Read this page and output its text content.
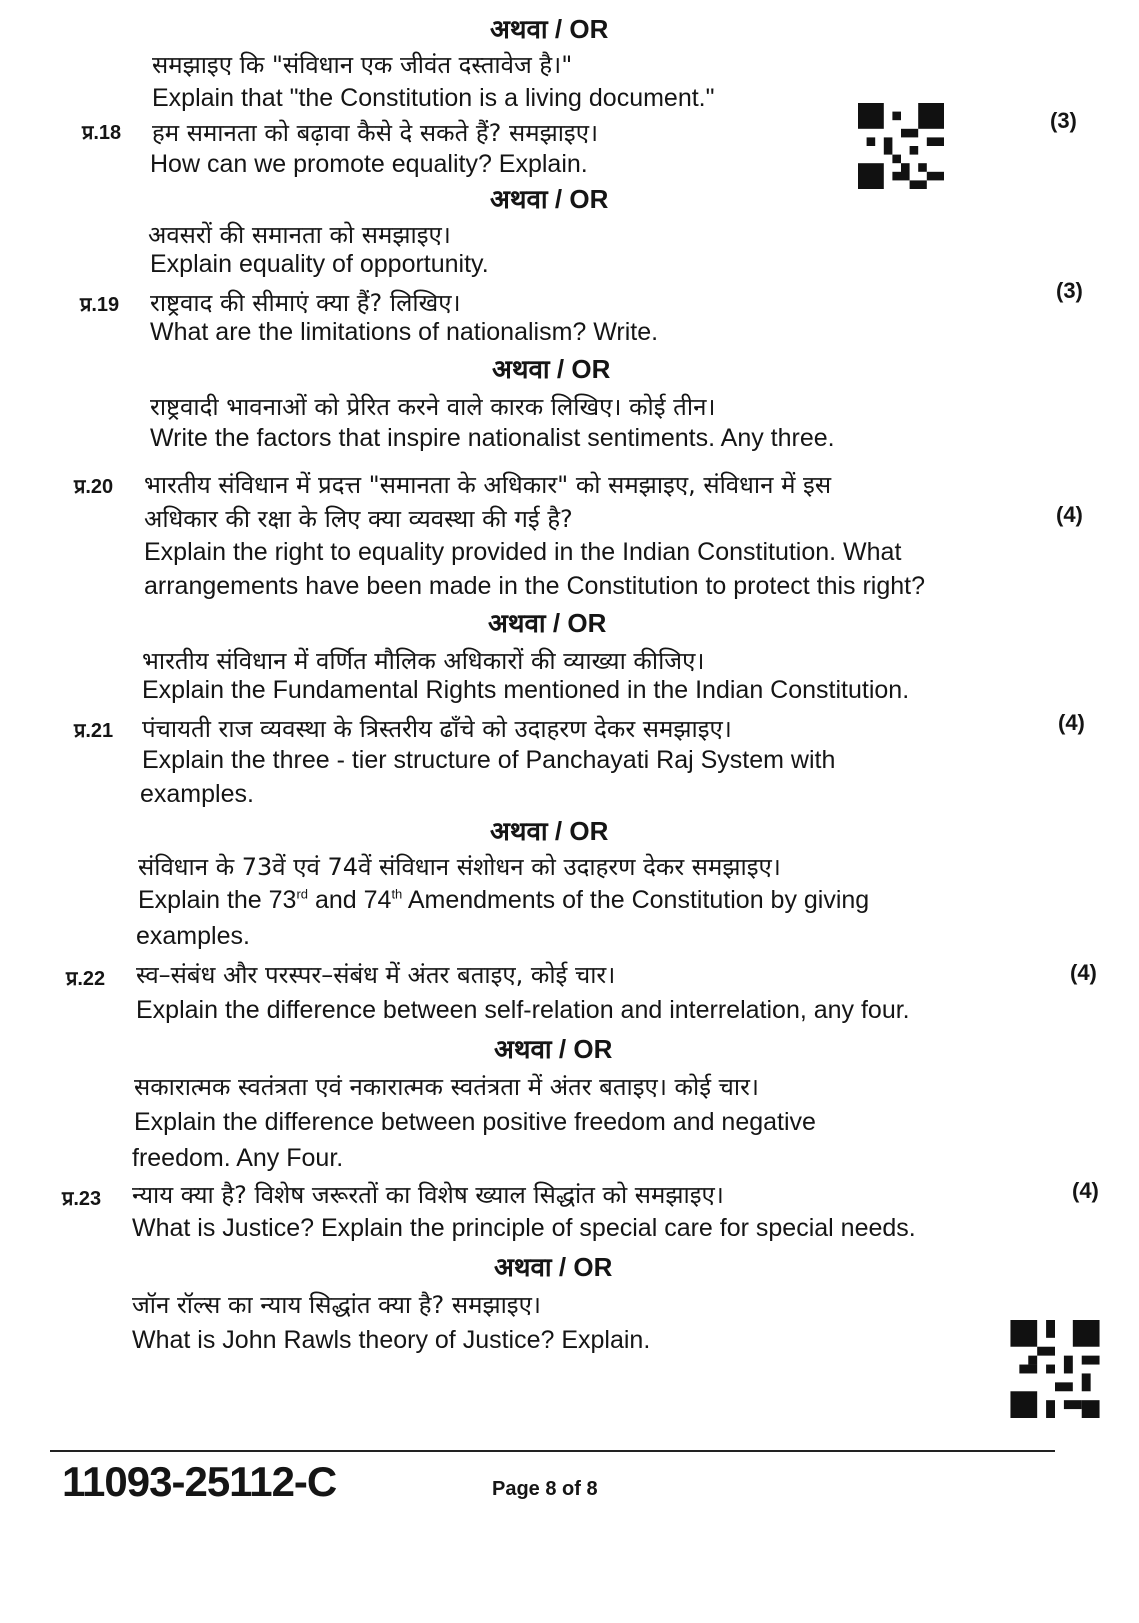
अथवा / OR
समझाइए कि "संविधान एक जीवंत दस्तावेज है।"
Explain that "the Constitution is a living document."
प्र.18 हम समानता को बढ़ावा कैसे दे सकते हैं? समझाइए।	(3)
How can we promote equality? Explain.
अथवा / OR
अवसरों की समानता को समझाइए।
Explain equality of opportunity.
प्र.19 राष्ट्रवाद की सीमाएं क्या हैं? लिखिए।	(3)
What are the limitations of nationalism? Write.
अथवा / OR
राष्ट्रवादी भावनाओं को प्रेरित करने वाले कारक लिखिए। कोई तीन।
Write the factors that inspire nationalist sentiments. Any three.
प्र.20 भारतीय संविधान में प्रदत्त "समानता के अधिकार" को समझाइए, संविधान में इस
अधिकार की रक्षा के लिए क्या व्यवस्था की गई है?	(4)
Explain the right to equality provided in the Indian Constitution. What
arrangements have been made in the Constitution to protect this right?
अथवा / OR
भारतीय संविधान में वर्णित मौलिक अधिकारों की व्याख्या कीजिए।
Explain the Fundamental Rights mentioned in the Indian Constitution.
प्र.21 पंचायती राज व्यवस्था के त्रिस्तरीय ढाँचे को उदाहरण देकर समझाइए।	(4)
Explain the three - tier structure of Panchayati Raj System with
examples.
अथवा / OR
संविधान के 73वें एवं 74वें संविधान संशोधन को उदाहरण देकर समझाइए।
Explain the 73rd and 74th Amendments of the Constitution by giving
examples.
प्र.22 स्व–संबंध और परस्पर–संबंध में अंतर बताइए, कोई चार।	(4)
Explain the difference between self-relation and interrelation, any four.
अथवा / OR
सकारात्मक स्वतंत्रता एवं नकारात्मक स्वतंत्रता में अंतर बताइए। कोई चार।
Explain the difference between positive freedom and negative
freedom. Any Four.
प्र.23 न्याय क्या है? विशेष जरूरतों का विशेष ख्याल सिद्धांत को समझाइए।	(4)
What is Justice? Explain the principle of special care for special needs.
अथवा / OR
जॉन रॉल्स का न्याय सिद्धांत क्या है? समझाइए।
What is John Rawls theory of Justice? Explain.
11093-25112-C	Page 8 of 8
